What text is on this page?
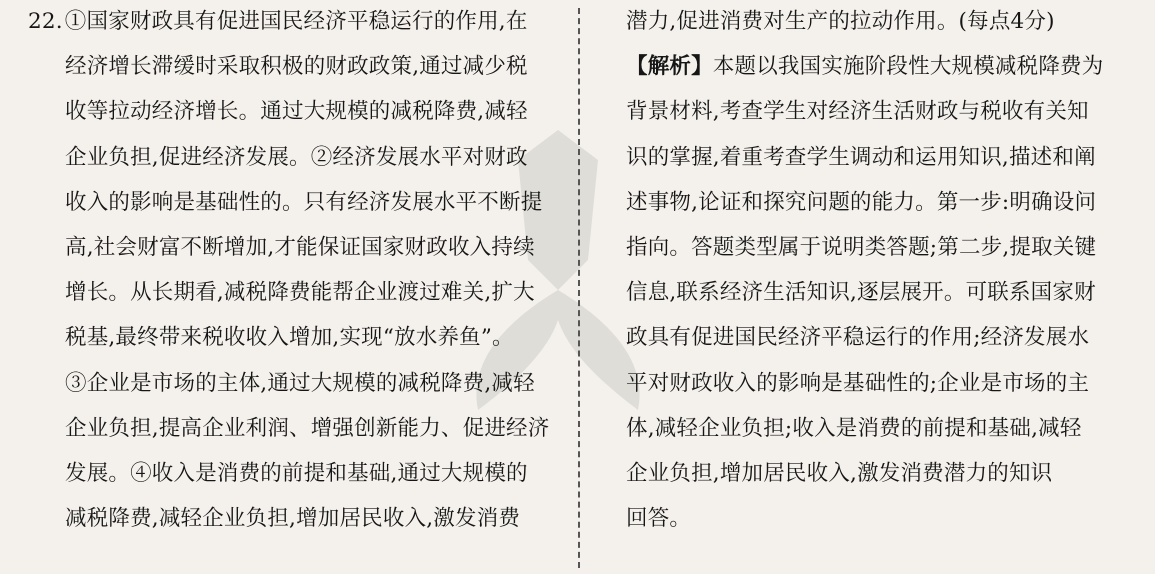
22.①国家财政具有促进国民经济平稳运行的作用,在
经济增长滞缓时采取积极的财政政策,通过减少税
收等拉动经济增长。通过大规模的减税降费,减轻
企业负担,促进经济发展。②经济发展水平对财政
收入的影响是基础性的。只有经济发展水平不断提
高,社会财富不断增加,才能保证国家财政收入持续
增长。从长期看,减税降费能帮企业渡过难关,扩大
税基,最终带来税收收入增加,实现“放水养鱼”。
③企业是市场的主体,通过大规模的减税降费,减轻
企业负担,提高企业利润、增强创新能力、促进经济
发展。④收入是消费的前提和基础,通过大规模的
减税降费,减轻企业负担,增加居民收入,激发消费
潜力,促进消费对生产的拉动作用。(每点4分)
【解析】本题以我国实施阶段性大规模减税降费为
背景材料,考查学生对经济生活财政与税收有关知
识的掌握,着重考查学生调动和运用知识,描述和阐
述事物,论证和探究问题的能力。第一步:明确设问
指向。答题类型属于说明类答题;第二步,提取关键
信息,联系经济生活知识,逐层展开。可联系国家财
政具有促进国民经济平稳运行的作用;经济发展水
平对财政收入的影响是基础性的;企业是市场的主
体,减轻企业负担;收入是消费的前提和基础,减轻
企业负担,增加居民收入,激发消费潜力的知识
回答。
